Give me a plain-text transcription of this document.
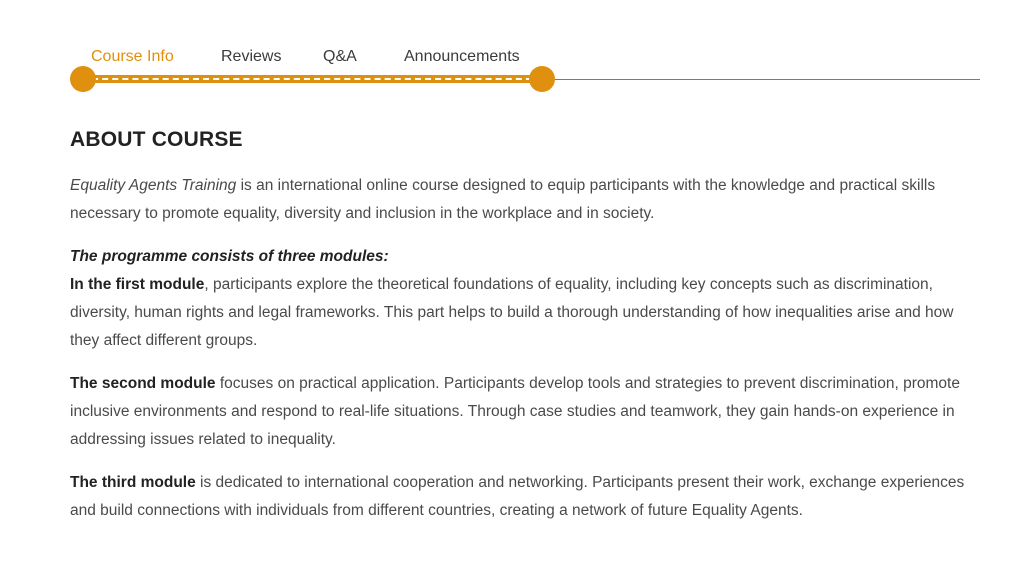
Course Info	Reviews	Q&A	Announcements
ABOUT COURSE

Equality Agents Training is an international online course designed to equip participants with the knowledge and practical skills necessary to promote equality, diversity and inclusion in the workplace and in society.

The programme consists of three modules:
In the first module, participants explore the theoretical foundations of equality, including key concepts such as discrimination, diversity, human rights and legal frameworks. This part helps to build a thorough understanding of how inequalities arise and how they affect different groups.

The second module focuses on practical application. Participants develop tools and strategies to prevent discrimination, promote inclusive environments and respond to real-life situations. Through case studies and teamwork, they gain hands-on experience in addressing issues related to inequality.

The third module is dedicated to international cooperation and networking. Participants present their work, exchange experiences and build connections with individuals from different countries, creating a network of future Equality Agents.
